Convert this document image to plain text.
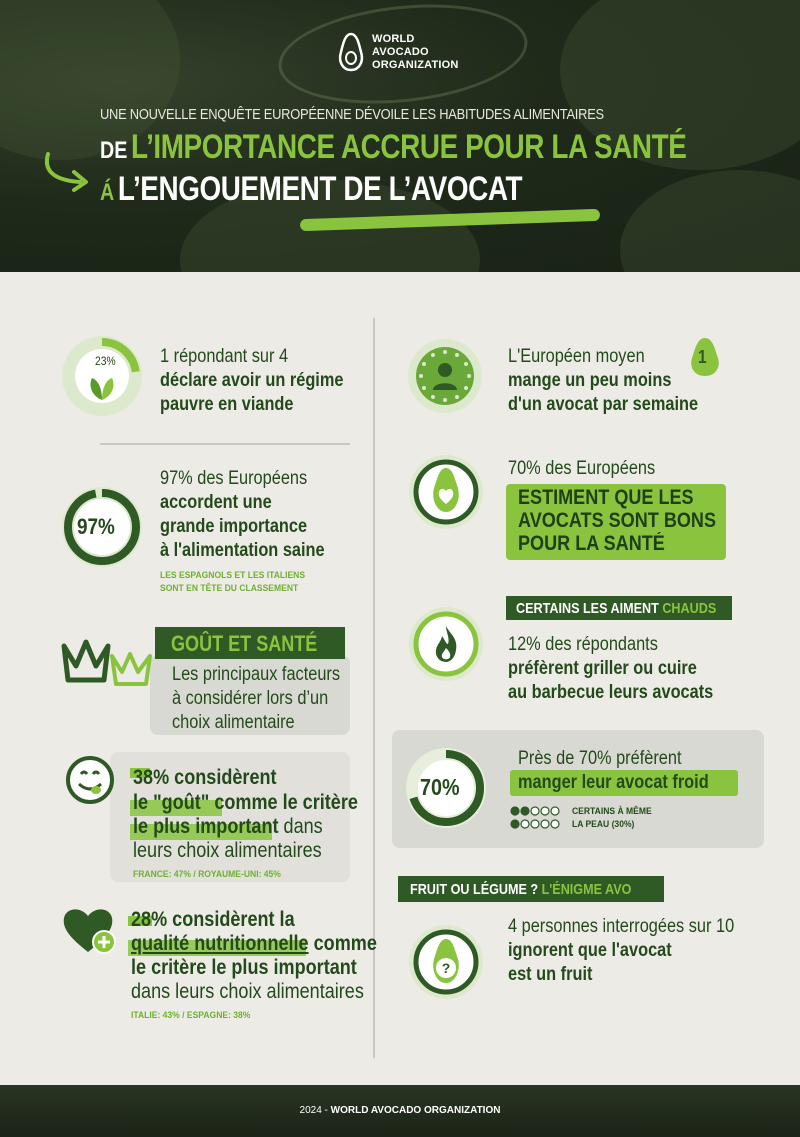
WORLD
AVOCADO
ORGANIZATION
UNE NOUVELLE ENQUÊTE EUROPÉENNE DÉVOILE LES HABITUDES ALIMENTAIRES
DE L’IMPORTANCE ACCRUE POUR LA SANTÉ
Á L’ENGOUEMENT DE L’AVOCAT
23% 1 répondant sur 4
déclare avoir un régime
pauvre en viande
97%
97% des Européens
accordent une
grande importance
à l'alimentation saine
LES ESPAGNOLS ET LES ITALIENS
SONT EN TÊTE DU CLASSEMENT
GOÛT ET SANTÉ
Les principaux facteurs
à considérer lors d’un
choix alimentaire
38% considèrent
le "goût" comme le critère
le plus important dans
leurs choix alimentaires
FRANCE: 47% / ROYAUME-UNI: 45%
28% considèrent la
qualité nutritionnelle comme
le critère le plus important
dans leurs choix alimentaires
ITALIE: 43% / ESPAGNE: 38%
L'Européen moyen
mange un peu moins
d'un avocat par semaine
1
70% des Européens
ESTIMENT QUE LES
AVOCATS SONT BONS
POUR LA SANTÉ
CERTAINS LES AIMENT CHAUDS
12% des répondants
préfèrent griller ou cuire
au barbecue leurs avocats
70%
Près de 70% préfèrent
manger leur avocat froid
CERTAINS À MÊME
LA PEAU (30%)
FRUIT OU LÉGUME ? L'ÉNIGME AVO
?
4 personnes interrogées sur 10
ignorent que l'avocat
est un fruit
2024 - WORLD AVOCADO ORGANIZATION
